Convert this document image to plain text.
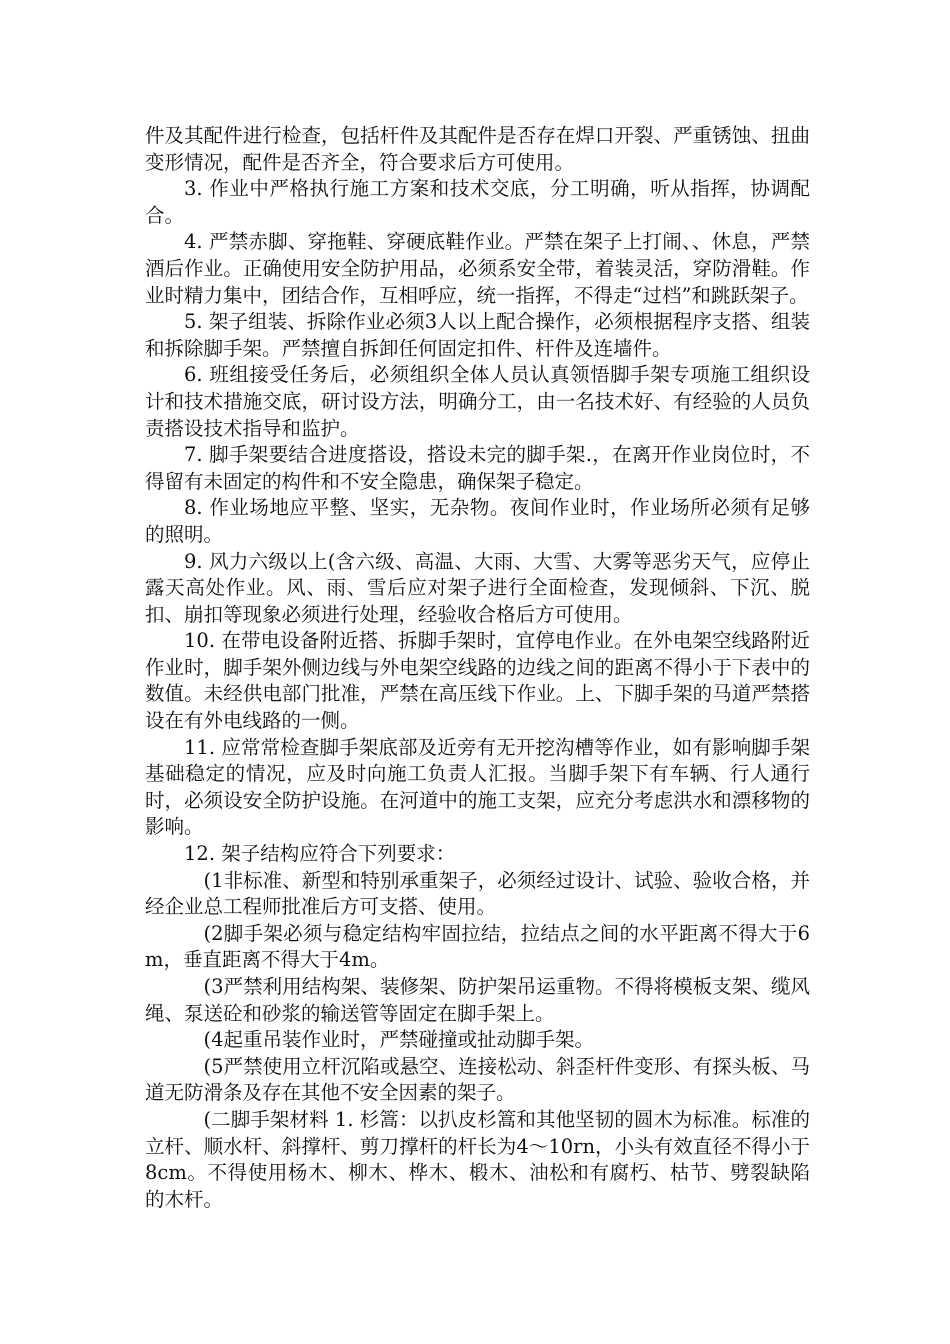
件及其配件进行检查，包括杆件及其配件是否存在焊口开裂、严重锈蚀、扭曲变形情况，配件是否齐全，符合要求后方可使用。

3. 作业中严格执行施工方案和技术交底，分工明确，听从指挥，协调配合。

4. 严禁赤脚、穿拖鞋、穿硬底鞋作业。严禁在架子上打闹、、休息，严禁酒后作业。正确使用安全防护用品，必须系安全带，着装灵活，穿防滑鞋。作业时精力集中，团结合作，互相呼应，统一指挥，不得走“过档”和跳跃架子。

5. 架子组装、拆除作业必须3人以上配合操作，必须根据程序支搭、组装和拆除脚手架。严禁擅自拆卸任何固定扣件、杆件及连墙件。

6. 班组接受任务后，必须组织全体人员认真领悟脚手架专项施工组织设计和技术措施交底，研讨设方法，明确分工，由一名技术好、有经验的人员负责搭设技术指导和监护。

7. 脚手架要结合进度搭设，搭设未完的脚手架.，在离开作业岗位时，不得留有未固定的构件和不安全隐患，确保架子稳定。

8. 作业场地应平整、坚实，无杂物。夜间作业时，作业场所必须有足够的照明。

9. 风力六级以上(含六级、高温、大雨、大雪、大雾等恶劣天气，应停止露天高处作业。风、雨、雪后应对架子进行全面检查，发现倾斜、下沉、脱扣、崩扣等现象必须进行处理，经验收合格后方可使用。

10. 在带电设备附近搭、拆脚手架时，宜停电作业。在外电架空线路附近作业时，脚手架外侧边线与外电架空线路的边线之间的距离不得小于下表中的数值。未经供电部门批准，严禁在高压线下作业。上、下脚手架的马道严禁搭设在有外电线路的一侧。

11. 应常常检查脚手架底部及近旁有无开挖沟槽等作业，如有影响脚手架基础稳定的情况，应及时向施工负责人汇报。当脚手架下有车辆、行人通行时，必须设安全防护设施。在河道中的施工支架，应充分考虑洪水和漂移物的影响。

12. 架子结构应符合下列要求：

(1非标准、新型和特别承重架子，必须经过设计、试验、验收合格，并经企业总工程师批准后方可支搭、使用。

(2脚手架必须与稳定结构牢固拉结，拉结点之间的水平距离不得大于6m，垂直距离不得大于4m。

(3严禁利用结构架、装修架、防护架吊运重物。不得将模板支架、缆风绳、泵送砼和砂浆的输送管等固定在脚手架上。

(4起重吊装作业时，严禁碰撞或扯动脚手架。

(5严禁使用立杆沉陷或悬空、连接松动、斜歪杆件变形、有探头板、马道无防滑条及存在其他不安全因素的架子。

(二脚手架材料 1. 杉篙：以扒皮杉篙和其他坚韧的圆木为标准。标准的立杆、顺水杆、斜撑杆、剪刀撑杆的杆长为4～10rn，小头有效直径不得小于8cm。不得使用杨木、柳木、桦木、椴木、油松和有腐朽、枯节、劈裂缺陷的木杆。
